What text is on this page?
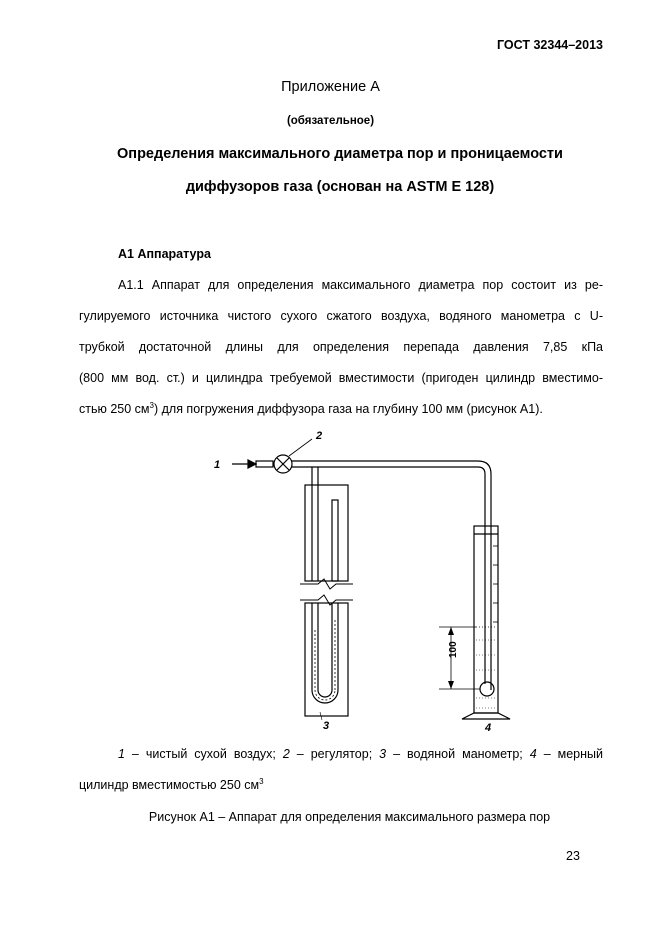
ГОСТ 32344–2013
Приложение А
(обязательное)
Определения максимального диаметра пор и проницаемости
диффузоров газа (основан на ASTM Е 128)
А1 Аппаратура
А1.1 Аппарат для определения максимального диаметра пор состоит из ре-
гулируемого источника чистого сухого сжатого воздуха, водяного манометра с U-
трубкой достаточной длины для определения перепада давления 7,85 кПа
(800 мм вод. ст.) и цилиндра требуемой вместимости (пригоден цилиндр вместимо-
стью 250 $см^3$) для погружения диффузора газа на глубину 100 мм (рисунок А1).
1
2
3	4
100
1 – чистый сухой воздух; 2 – регулятор; 3 – водяной манометр; 4 – мерный
цилиндр вместимостью 250 $см^3$
Рисунок А1 – Аппарат для определения максимального размера пор
23
